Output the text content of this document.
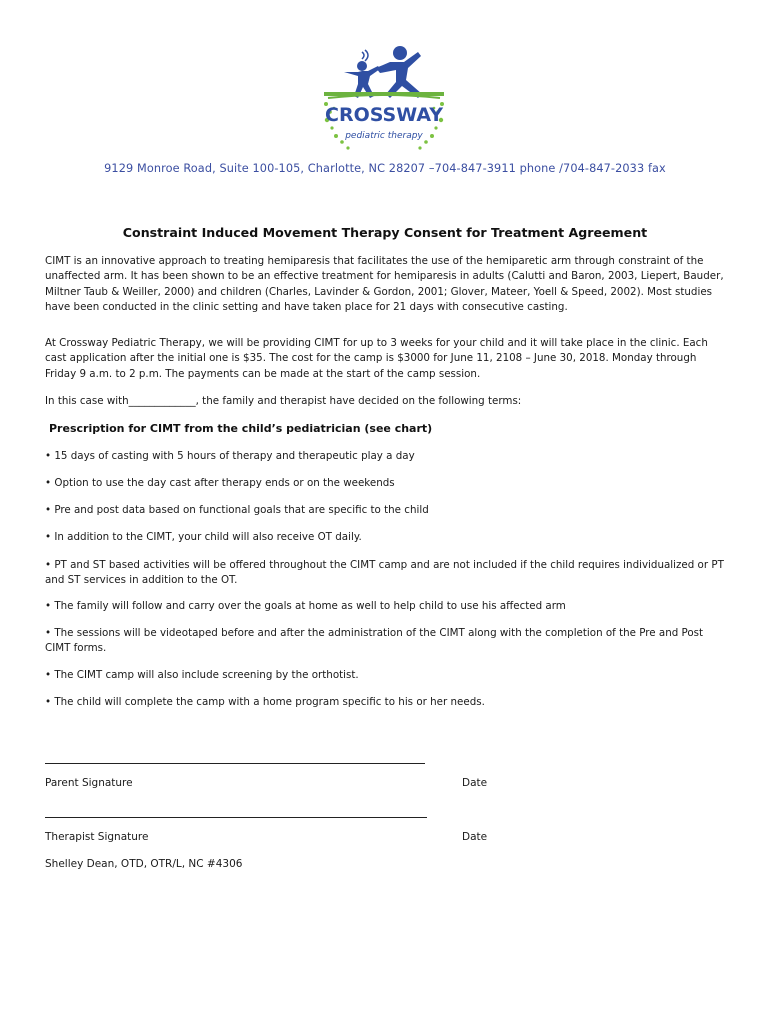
CROSSWAY
pediatric therapy
9129 Monroe Road, Suite 100-105, Charlotte, NC 28207 –704-847-3911 phone /704-847-2033 fax
Constraint Induced Movement Therapy Consent for Treatment Agreement
CIMT is an innovative approach to treating hemiparesis that facilitates the use of the hemiparetic arm through constraint of the unaffected arm. It has been shown to be an effective treatment for hemiparesis in adults (Calutti and Baron, 2003, Liepert, Bauder, Miltner Taub & Weiller, 2000) and children (Charles, Lavinder & Gordon, 2001; Glover, Mateer, Yoell & Speed, 2002). Most studies have been conducted in the clinic setting and have taken place for 21 days with consecutive casting.
At Crossway Pediatric Therapy, we will be providing CIMT for up to 3 weeks for your child and it will take place in the clinic. Each cast application after the initial one is $35. The cost for the camp is $3000 for June 11, 2108 – June 30, 2018. Monday through Friday 9 a.m. to 2 p.m. The payments can be made at the start of the camp session.
In this case with_____________, the family and therapist have decided on the following terms:
Prescription for CIMT from the child’s pediatrician (see chart)
• 15 days of casting with 5 hours of therapy and therapeutic play a day
• Option to use the day cast after therapy ends or on the weekends
• Pre and post data based on functional goals that are specific to the child
• In addition to the CIMT, your child will also receive OT daily.
• PT and ST based activities will be offered throughout the CIMT camp and are not included if the child requires individualized or PT and ST services in addition to the OT.
• The family will follow and carry over the goals at home as well to help child to use his affected arm
• The sessions will be videotaped before and after the administration of the CIMT along with the completion of the Pre and Post CIMT forms.
• The CIMT camp will also include screening by the orthotist.
• The child will complete the camp with a home program specific to his or her needs.
Parent Signature	Date
Therapist Signature	Date
Shelley Dean, OTD, OTR/L, NC #4306
